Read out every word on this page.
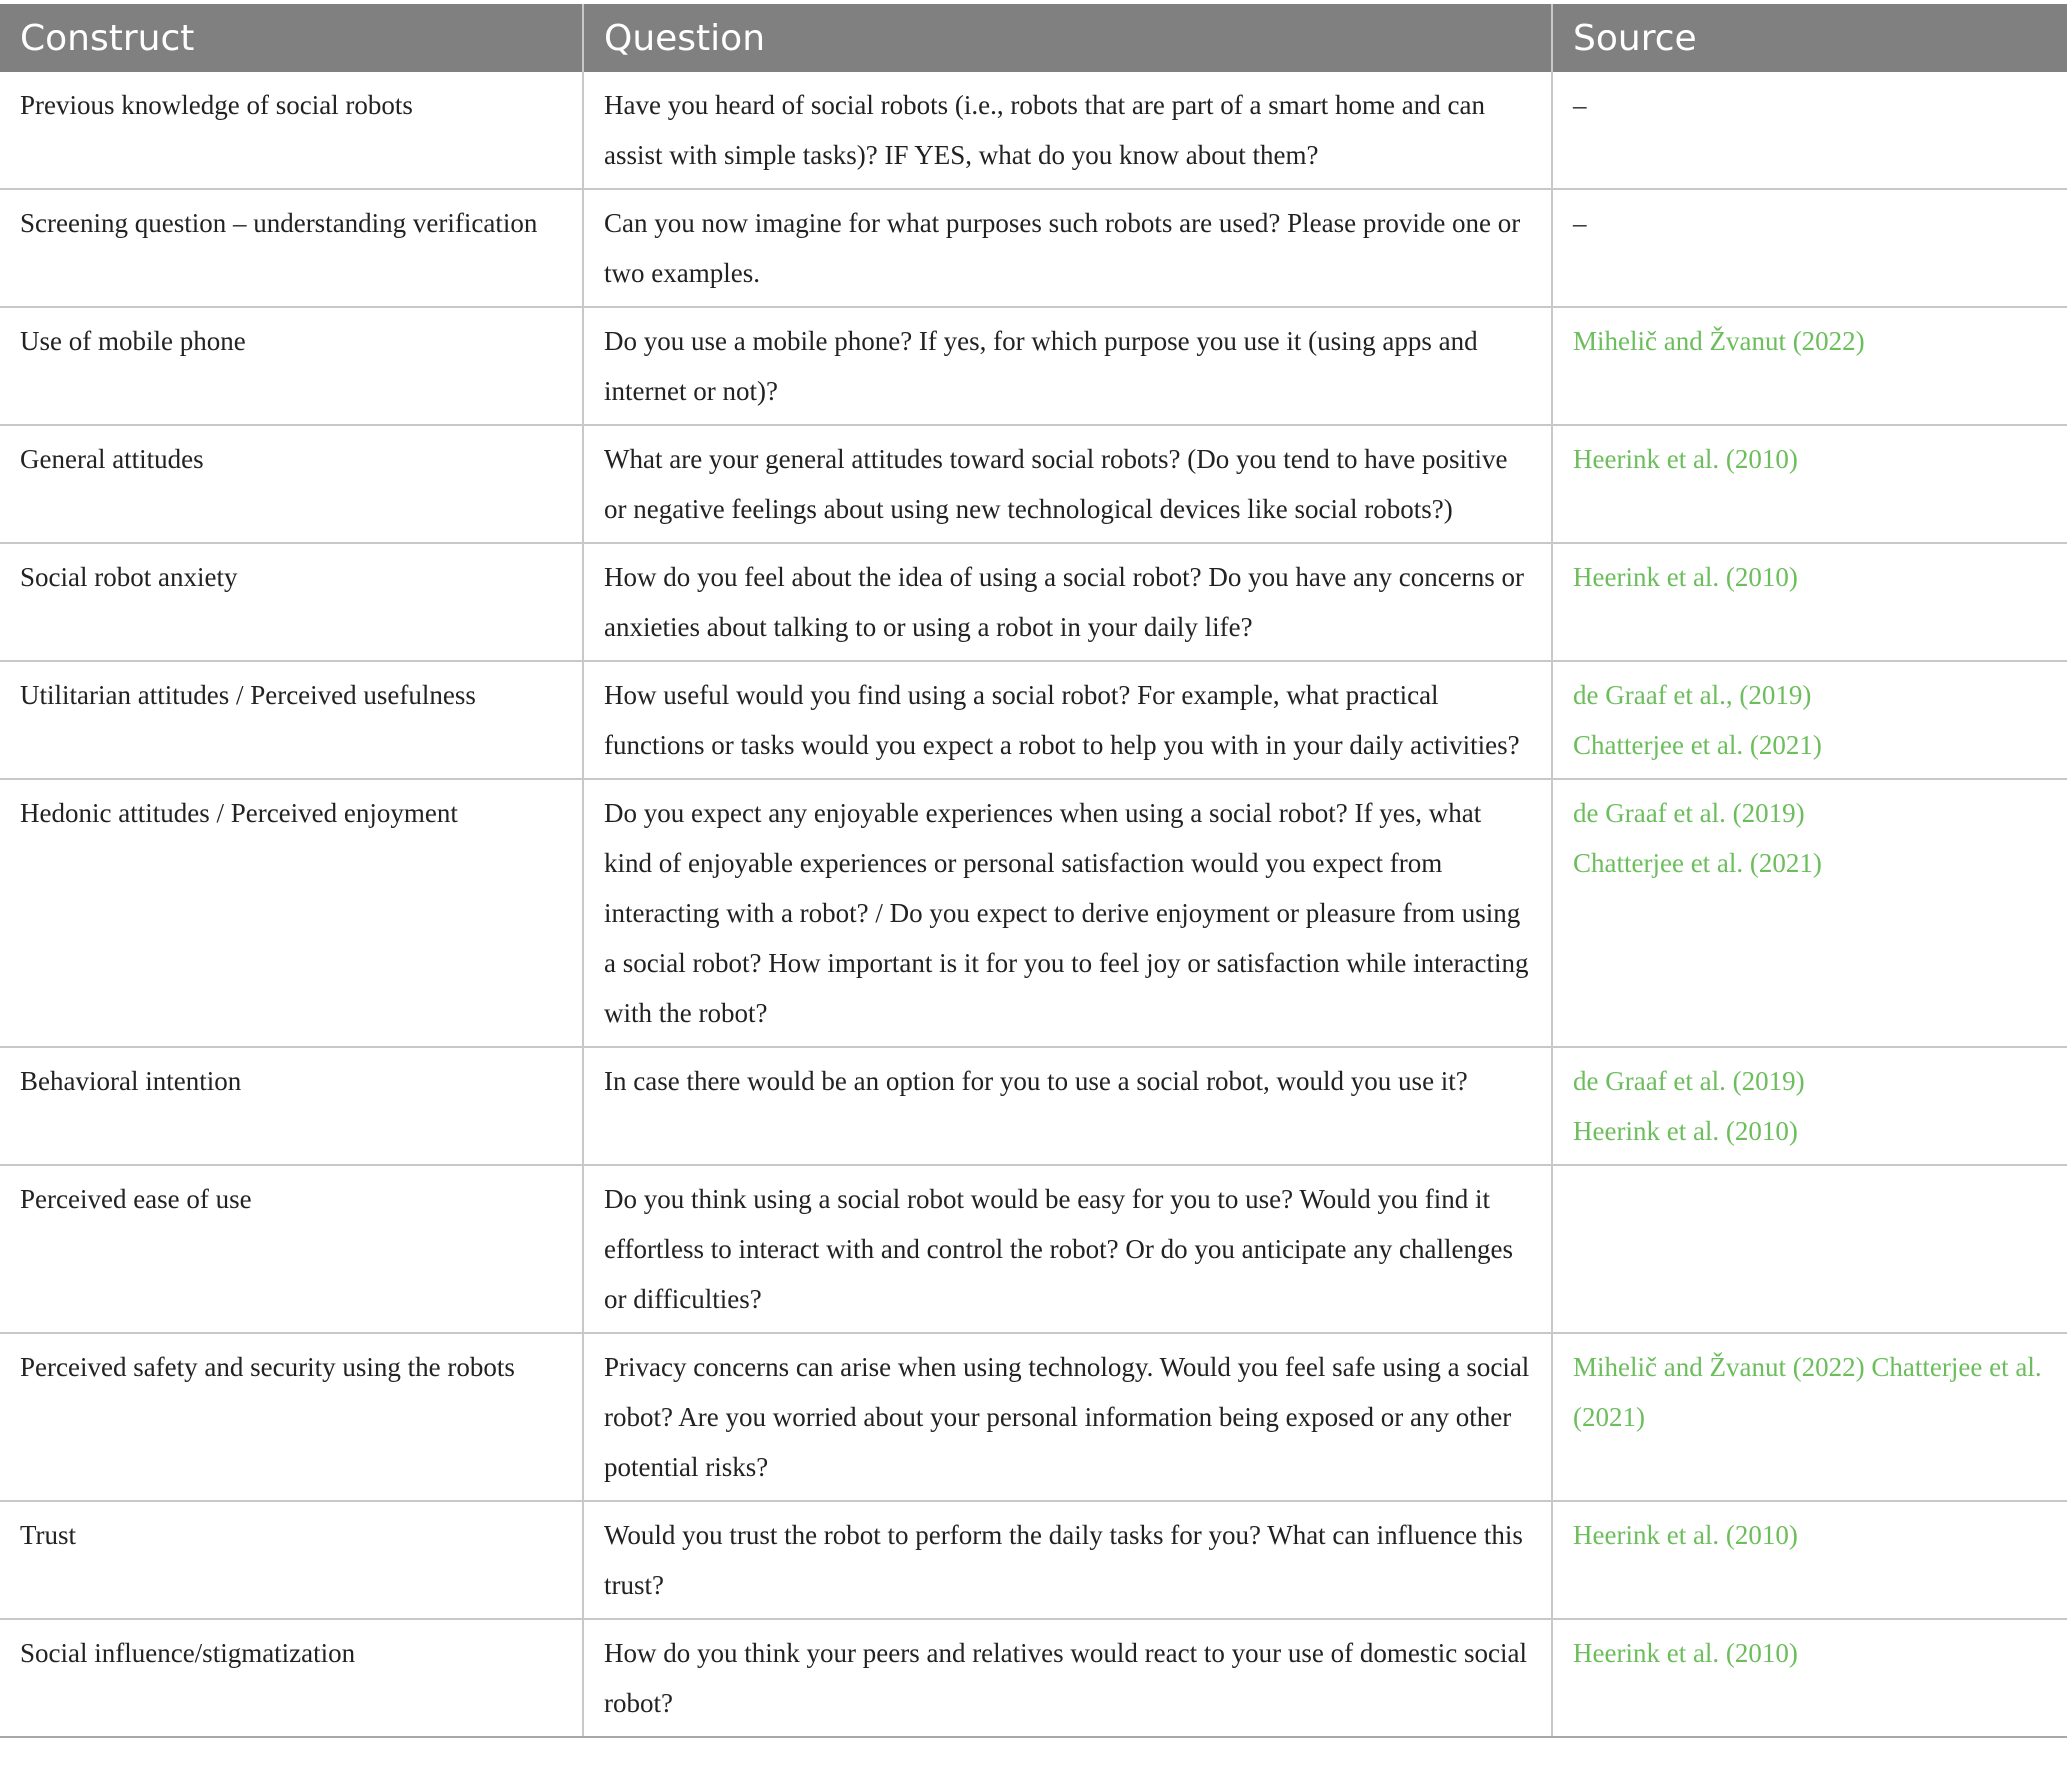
Construct	Question	Source
Previous knowledge of social robots	Have you heard of social robots (i.e., robots that are part of a smart home and can assist with simple tasks)? IF YES, what do you know about them?	–

Screening question – understanding verification	Can you now imagine for what purposes such robots are used? Please provide one or two examples.	–

Use of mobile phone	Do you use a mobile phone? If yes, for which purpose you use it (using apps and internet or not)?	Mihelič and Žvanut (2022)

General attitudes	What are your general attitudes toward social robots? (Do you tend to have positive or negative feelings about using new technological devices like social robots?)	Heerink et al. (2010)

Social robot anxiety	How do you feel about the idea of using a social robot? Do you have any concerns or anxieties about talking to or using a robot in your daily life?	Heerink et al. (2010)

Utilitarian attitudes / Perceived usefulness	How useful would you find using a social robot? For example, what practical functions or tasks would you expect a robot to help you with in your daily activities?	de Graaf et al., (2019)
Chatterjee et al. (2021)

Hedonic attitudes / Perceived enjoyment	Do you expect any enjoyable experiences when using a social robot? If yes, what kind of enjoyable experiences or personal satisfaction would you expect from interacting with a robot? / Do you expect to derive enjoyment or pleasure from using a social robot? How important is it for you to feel joy or satisfaction while interacting with the robot?	de Graaf et al. (2019)
Chatterjee et al. (2021)

Behavioral intention	In case there would be an option for you to use a social robot, would you use it?	de Graaf et al. (2019)
Heerink et al. (2010)

Perceived ease of use	Do you think using a social robot would be easy for you to use? Would you find it effortless to interact with and control the robot? Or do you anticipate any challenges or difficulties?	
Perceived safety and security using the robots	Privacy concerns can arise when using technology. Would you feel safe using a social robot? Are you worried about your personal information being exposed or any other potential risks?	Mihelič and Žvanut (2022) Chatterjee et al. (2021)

Trust	Would you trust the robot to perform the daily tasks for you? What can influence this trust?	Heerink et al. (2010)

Social influence/stigmatization	How do you think your peers and relatives would react to your use of domestic social robot?	Heerink et al. (2010)
